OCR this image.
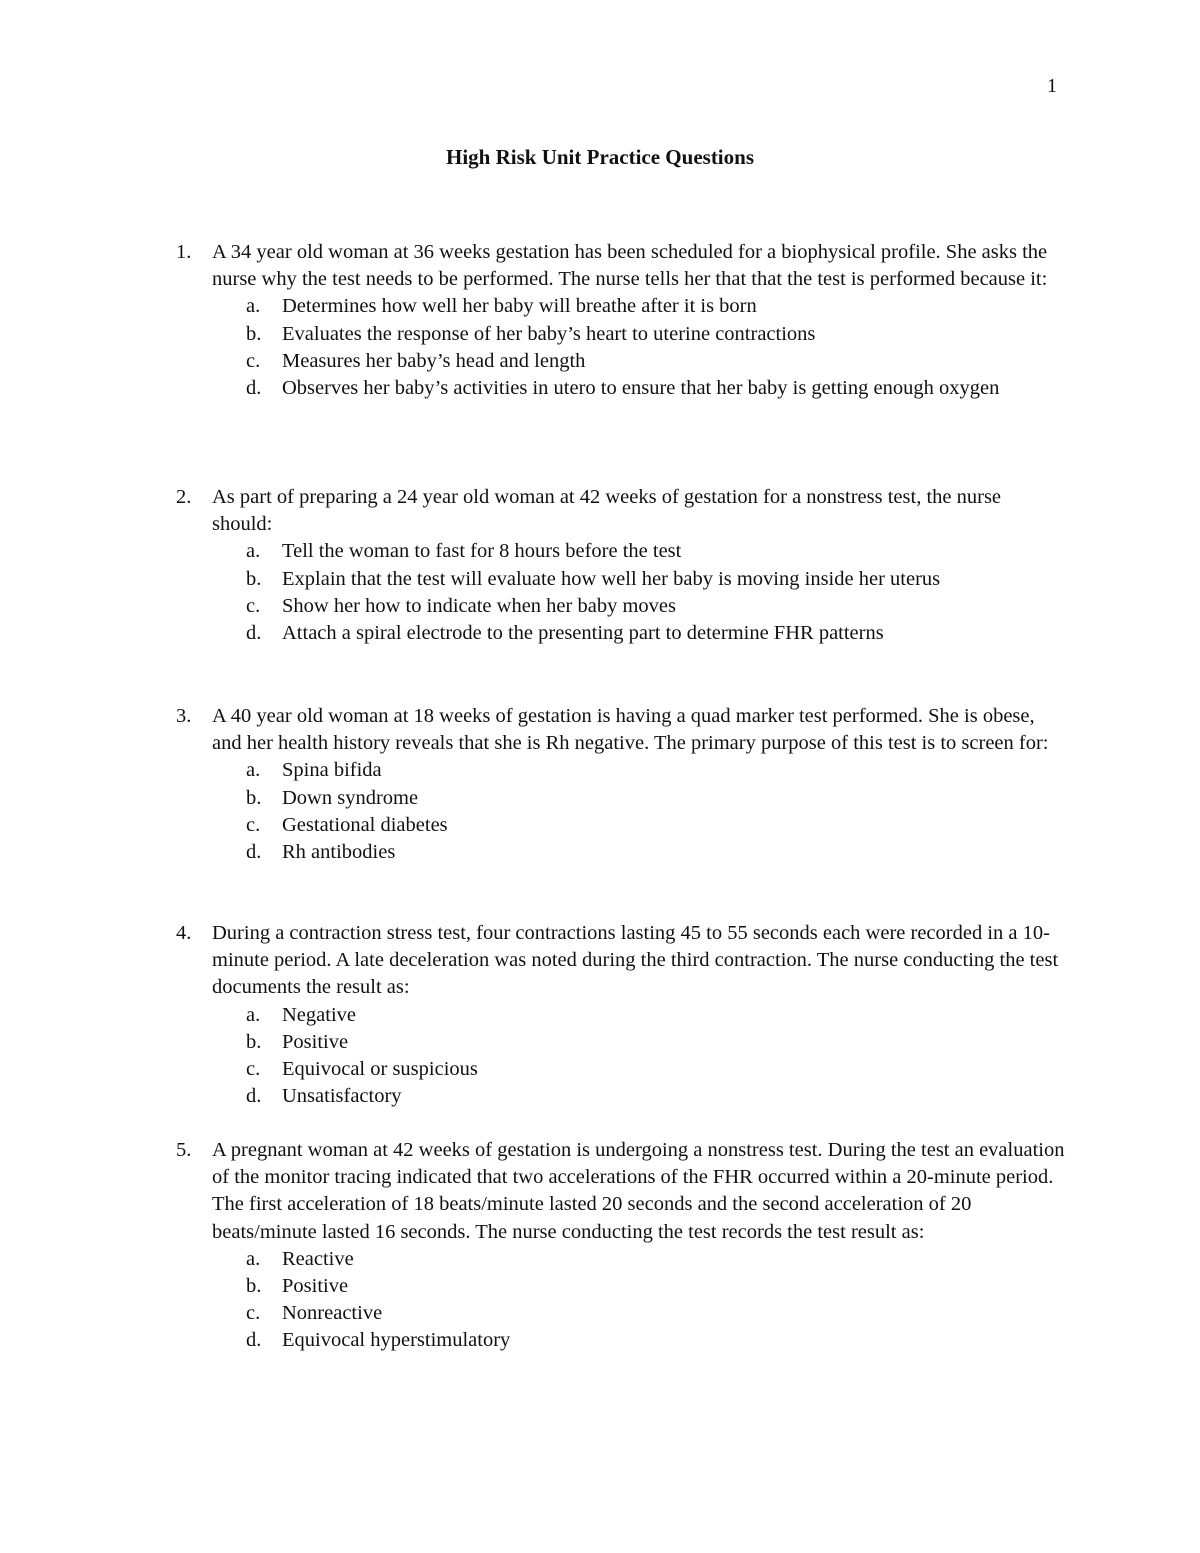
1
High Risk Unit Practice Questions
1. A 34 year old woman at 36 weeks gestation has been scheduled for a biophysical profile. She asks the nurse why the test needs to be performed. The nurse tells her that that the test is performed because it:
a. Determines how well her baby will breathe after it is born
b. Evaluates the response of her baby’s heart to uterine contractions
c. Measures her baby’s head and length
d. Observes her baby’s activities in utero to ensure that her baby is getting enough oxygen
2. As part of preparing a 24 year old woman at 42 weeks of gestation for a nonstress test, the nurse should:
a. Tell the woman to fast for 8 hours before the test
b. Explain that the test will evaluate how well her baby is moving inside her uterus
c. Show her how to indicate when her baby moves
d. Attach a spiral electrode to the presenting part to determine FHR patterns
3. A 40 year old woman at 18 weeks of gestation is having a quad marker test performed. She is obese, and her health history reveals that she is Rh negative. The primary purpose of this test is to screen for:
a. Spina bifida
b. Down syndrome
c. Gestational diabetes
d. Rh antibodies
4. During a contraction stress test, four contractions lasting 45 to 55 seconds each were recorded in a 10-minute period. A late deceleration was noted during the third contraction. The nurse conducting the test documents the result as:
a. Negative
b. Positive
c. Equivocal or suspicious
d. Unsatisfactory
5. A pregnant woman at 42 weeks of gestation is undergoing a nonstress test. During the test an evaluation of the monitor tracing indicated that two accelerations of the FHR occurred within a 20-minute period. The first acceleration of 18 beats/minute lasted 20 seconds and the second acceleration of 20 beats/minute lasted 16 seconds. The nurse conducting the test records the test result as:
a. Reactive
b. Positive
c. Nonreactive
d. Equivocal hyperstimulatory
